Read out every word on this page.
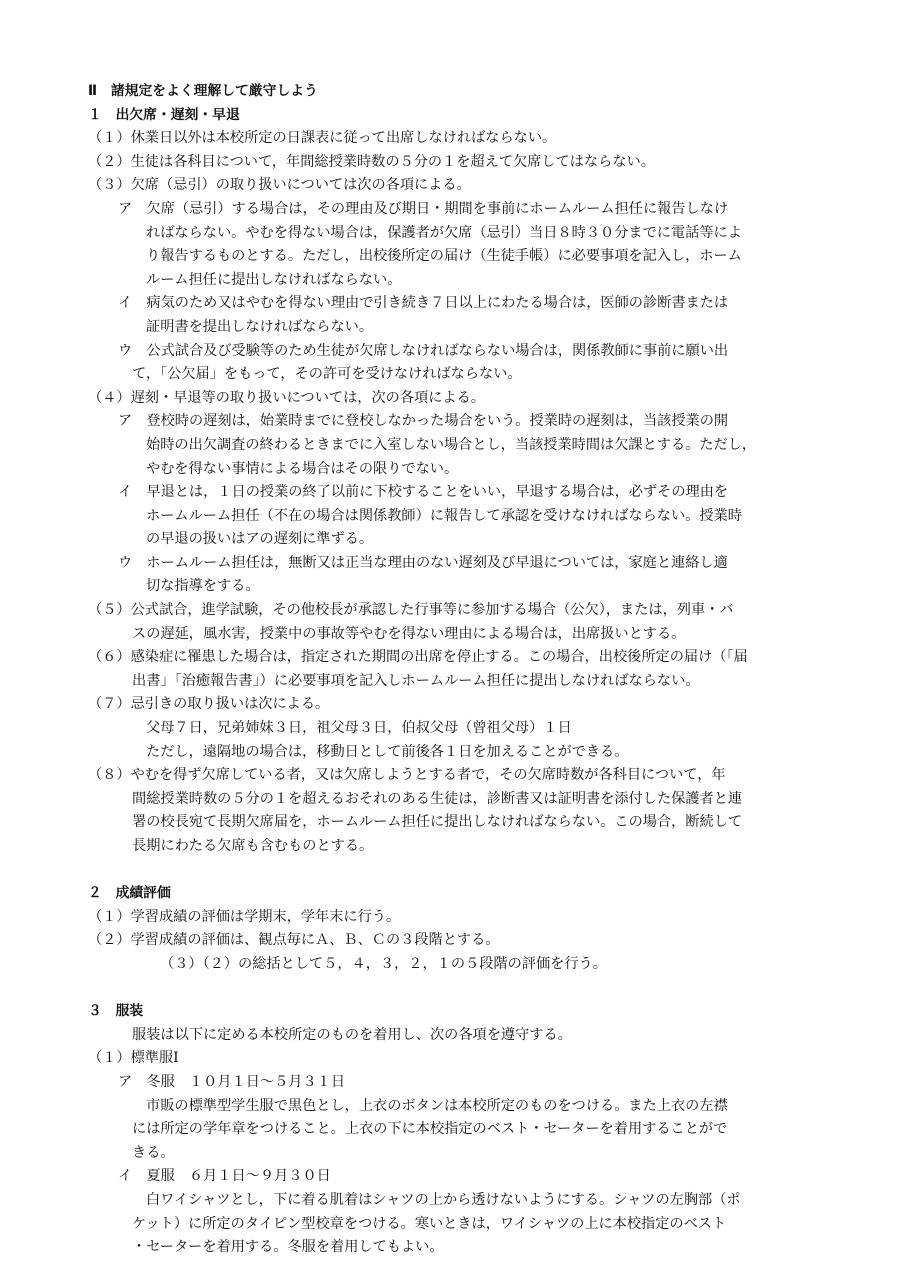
Ⅱ　諸規定をよく理解して厳守しよう
１　出欠席・遅刻・早退
（１）休業日以外は本校所定の日課表に従って出席しなければならない。
（２）生徒は各科目について，年間総授業時数の５分の１を超えて欠席してはならない。
（３）欠席（忌引）の取り扱いについては次の各項による。
ア　欠席（忌引）する場合は，その理由及び期日・期間を事前にホームルーム担任に報告しなけ
ればならない。やむを得ない場合は，保護者が欠席（忌引）当日８時３０分までに電話等によ
り報告するものとする。ただし，出校後所定の届け（生徒手帳）に必要事項を記入し，ホーム
ルーム担任に提出しなければならない。
イ　病気のため又はやむを得ない理由で引き続き７日以上にわたる場合は，医師の診断書または
証明書を提出しなければならない。
ウ　公式試合及び受験等のため生徒が欠席しなければならない場合は，関係教師に事前に願い出
て，「公欠届」をもって，その許可を受けなければならない。
（４）遅刻・早退等の取り扱いについては，次の各項による。
ア　登校時の遅刻は，始業時までに登校しなかった場合をいう。授業時の遅刻は，当該授業の開
始時の出欠調査の終わるときまでに入室しない場合とし，当該授業時間は欠課とする。ただし，
やむを得ない事情による場合はその限りでない。
イ　早退とは，１日の授業の終了以前に下校することをいい，早退する場合は，必ずその理由を
ホームルーム担任（不在の場合は関係教師）に報告して承認を受けなければならない。授業時
の早退の扱いはアの遅刻に準ずる。
ウ　ホームルーム担任は，無断又は正当な理由のない遅刻及び早退については，家庭と連絡し適
切な指導をする。
（５）公式試合，進学試験，その他校長が承認した行事等に参加する場合（公欠），または，列車・バ
スの遅延，風水害，授業中の事故等やむを得ない理由による場合は，出席扱いとする。
（６）感染症に罹患した場合は，指定された期間の出席を停止する。この場合，出校後所定の届け（「届
出書」「治癒報告書」）に必要事項を記入しホームルーム担任に提出しなければならない。
（７）忌引きの取り扱いは次による。
父母７日，兄弟姉妹３日，祖父母３日，伯叔父母（曾祖父母）１日
ただし，遠隔地の場合は，移動日として前後各１日を加えることができる。
（８）やむを得ず欠席している者，又は欠席しようとする者で，その欠席時数が各科目について，年
間総授業時数の５分の１を超えるおそれのある生徒は，診断書又は証明書を添付した保護者と連
署の校長宛て長期欠席届を，ホームルーム担任に提出しなければならない。この場合，断続して
長期にわたる欠席も含むものとする。
２　成績評価
（１）学習成績の評価は学期末，学年末に行う。
（２）学習成績の評価は、観点毎にＡ、Ｂ、Ｃの３段階とする。
（３）（２）の総括として５，４，３，２，１の５段階の評価を行う。
３　服装
服装は以下に定める本校所定のものを着用し、次の各項を遵守する。
（１）標準服Ⅰ
ア　冬服　１０月１日～５月３１日
市販の標準型学生服で黒色とし，上衣のボタンは本校所定のものをつける。また上衣の左襟
には所定の学年章をつけること。上衣の下に本校指定のベスト・セーターを着用することがで
きる。
イ　夏服　６月１日～９月３０日
白ワイシャツとし，下に着る肌着はシャツの上から透けないようにする。シャツの左胸部（ポ
ケット）に所定のタイピン型校章をつける。寒いときは，ワイシャツの上に本校指定のベスト
・セーターを着用する。冬服を着用してもよい。
